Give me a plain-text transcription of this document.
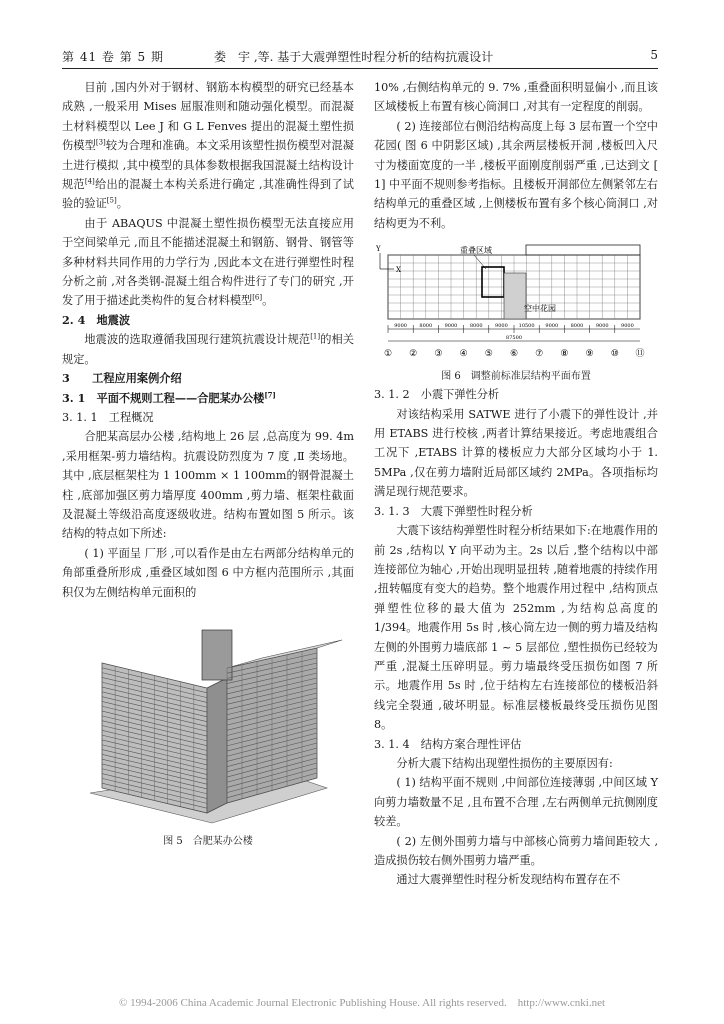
第 41 卷 第 5 期	娄　宇 ,等. 基于大震弹塑性时程分析的结构抗震设计	5

目前 ,国内外对于钢材、钢筋本构模型的研究已经基本成熟 ,一般采用 Mises 屈服准则和随动强化模型。而混凝土材料模型以 Lee J 和 G L Fenves 提出的混凝土塑性损伤模型[3]较为合理和准确。本文采用该塑性损伤模型对混凝土进行模拟 ,其中模型的具体参数根据我国混凝土结构设计规范[4]给出的混凝土本构关系进行确定 ,其准确性得到了试验的验证[5]。

由于 ABAQUS 中混凝土塑性损伤模型无法直接应用于空间梁单元 ,而且不能描述混凝土和钢筋、钢骨、钢管等多种材料共同作用的力学行为 ,因此本文在进行弹塑性时程分析之前 ,对各类钢-混凝土组合构件进行了专门的研究 ,开发了用于描述此类构件的复合材料模型[6]。

2. 4　地震波

地震波的选取遵循我国现行建筑抗震设计规范[1]的相关规定。

3　　工程应用案例介绍

3. 1　平面不规则工程——合肥某办公楼[7]

3. 1. 1　工程概况

合肥某高层办公楼 ,结构地上 26 层 ,总高度为 99. 4m ,采用框架-剪力墙结构。抗震设防烈度为 7 度 ,Ⅱ 类场地。其中 ,底层框架柱为 1 100mm × 1 100mm的钢骨混凝土柱 ,底部加强区剪力墙厚度 400mm ,剪力墙、框架柱截面及混凝土等级沿高度逐级收进。结构布置如图 5 所示。该结构的特点如下所述:

( 1) 平面呈 厂形 ,可以看作是由左右两部分结构单元的角部重叠所形成 ,重叠区域如图 6 中方框内范围所示 ,其面积仅为左侧结构单元面积的

图 5　合肥某办公楼

10% ,右侧结构单元的 9. 7% ,重叠面积明显偏小 ,而且该区域楼板上布置有核心筒洞口 ,对其有一定程度的削弱。

( 2) 连接部位右侧沿结构高度上每 3 层布置一个空中花园( 图 6 中阴影区域) ,其余两层楼板开洞 ,楼板凹入尺寸为楼面宽度的一半 ,楼板平面刚度削弱严重 ,已达到文 [ 1] 中平面不规则参考指标。且楼板开洞部位左侧紧邻左右结构单元的重叠区域 ,上侧楼板布置有多个核心筒洞口 ,对结构更为不利。

重叠区域
空中花园
Y
X
9000 8000 9000 8000 9000 10500 9000 8000 9000 9000
87500
① ② ③ ④ ⑤ ⑥ ⑦ ⑧ ⑨ ⑩ ⑪

图 6　调整前标准层结构平面布置

3. 1. 2　小震下弹性分析

对该结构采用 SATWE 进行了小震下的弹性设计 ,并用 ETABS 进行校核 ,两者计算结果接近。考虑地震组合工况下 ,ETABS 计算的楼板应力大部分区域均小于 1. 5MPa ,仅在剪力墙附近局部区域约 2MPa。各项指标均满足现行规范要求。

3. 1. 3　大震下弹塑性时程分析

大震下该结构弹塑性时程分析结果如下:在地震作用的前 2s ,结构以 Y 向平动为主。2s 以后 ,整个结构以中部连接部位为轴心 ,开始出现明显扭转 ,随着地震的持续作用 ,扭转幅度有变大的趋势。整个地震作用过程中 ,结构顶点弹塑性位移的最大值为 252mm ,为结构总高度的 1/394。地震作用 5s 时 ,核心筒左边一侧的剪力墙及结构左侧的外围剪力墙底部 1 ~ 5 层部位 ,塑性损伤已经较为严重 ,混凝土压碎明显。剪力墙最终受压损伤如图 7 所示。地震作用 5s 时 ,位于结构左右连接部位的楼板沿斜线完全裂通 ,破坏明显。标准层楼板最终受压损伤见图 8。

3. 1. 4　结构方案合理性评估

分析大震下结构出现塑性损伤的主要原因有:

( 1) 结构平面不规则 ,中间部位连接薄弱 ,中间区域 Y 向剪力墙数量不足 ,且布置不合理 ,左右两侧单元抗侧刚度较差。

( 2) 左侧外围剪力墙与中部核心筒剪力墙间距较大 ,造成损伤较右侧外围剪力墙严重。

通过大震弹塑性时程分析发现结构布置存在不

© 1994-2006 China Academic Journal Electronic Publishing House. All rights reserved.　http://www.cnki.net
